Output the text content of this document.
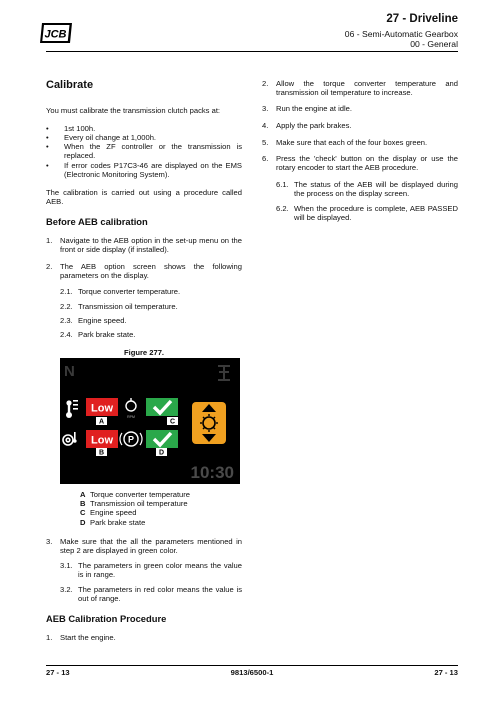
JCB
27 - Driveline
06 - Semi-Automatic Gearbox
00 - General
Calibrate

You must calibrate the transmission clutch packs at:

• 1st 100h.
• Every oil change at 1,000h.
• When the ZF controller or the transmission is replaced.
• If error codes P17C3-46 are displayed on the EMS (Electronic Monitoring System).

The calibration is carried out using a procedure called AEB.

Before AEB calibration
1. Navigate to the AEB option in the set-up menu on the front or side display (if installed).
2. The AEB option screen shows the following parameters on the display.
2.1. Torque converter temperature.
2.2. Transmission oil temperature.
2.3. Engine speed.
2.4. Park brake state.
Figure 277.
N
Low
A
RPM
C
Low
B
P
D
10:30
A Torque converter temperature
B Transmission oil temperature
C Engine speed
D Park brake state
3. Make sure that the all the parameters mentioned in step 2 are displayed in green color.
3.1. The parameters in green color means the value is in range.
3.2. The parameters in red color means the value is out of range.
AEB Calibration Procedure
1. Start the engine.
2. Allow the torque converter temperature and transmission oil temperature to increase.
3. Run the engine at idle.
4. Apply the park brakes.
5. Make sure that each of the four boxes green.
6. Press the 'check' button on the display or use the rotary encoder to start the AEB procedure.
6.1. The status of the AEB will be displayed during the process on the display screen.
6.2. When the procedure is complete, AEB PASSED will be displayed.
27 - 13	9813/6500-1	27 - 13
